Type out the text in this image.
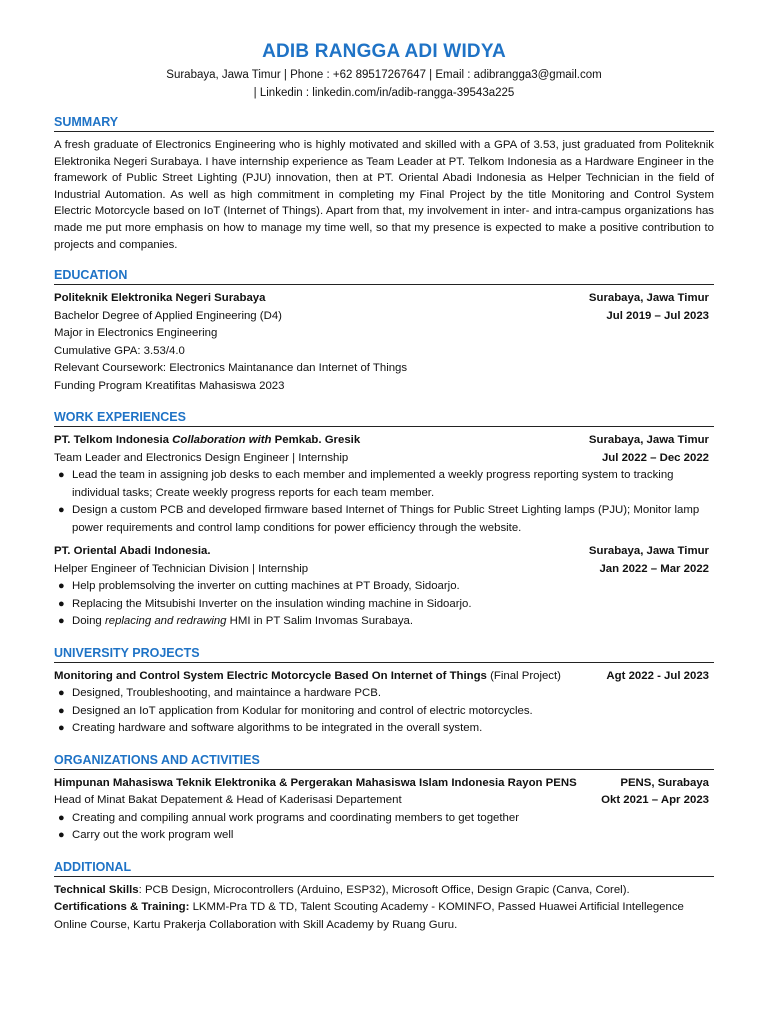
ADIB RANGGA ADI WIDYA
Surabaya, Jawa Timur | Phone : +62 89517267647 | Email : adibrangga3@gmail.com
| Linkedin : linkedin.com/in/adib-rangga-39543a225
SUMMARY

A fresh graduate of Electronics Engineering who is highly motivated and skilled with a GPA of 3.53, just graduated from Politeknik Elektronika Negeri Surabaya. I have internship experience as Team Leader at PT. Telkom Indonesia as a Hardware Engineer in the framework of Public Street Lighting (PJU) innovation, then at PT. Oriental Abadi Indonesia as Helper Technician in the field of Industrial Automation. As well as high commitment in completing my Final Project by the title Monitoring and Control System Electric Motorcycle based on IoT (Internet of Things). Apart from that, my involvement in inter- and intra-campus organizations has made me put more emphasis on how to manage my time well, so that my presence is expected to make a positive contribution to projects and companies.

EDUCATION
Politeknik Elektronika Negeri Surabaya	Surabaya, Jawa Timur
Bachelor Degree of Applied Engineering (D4)	Jul 2019 – Jul 2023
Major in Electronics Engineering
Cumulative GPA: 3.53/4.0
Relevant Coursework: Electronics Maintanance dan Internet of Things
Funding Program Kreatifitas Mahasiswa 2023
WORK EXPERIENCES
PT. Telkom Indonesia Collaboration with Pemkab. Gresik	Surabaya, Jawa Timur
Team Leader and Electronics Design Engineer | Internship	Jul 2022 – Dec 2022
● Lead the team in assigning job desks to each member and implemented a weekly progress reporting system to tracking individual tasks; Create weekly progress reports for each team member.
● Design a custom PCB and developed firmware based Internet of Things for Public Street Lighting lamps (PJU); Monitor lamp power requirements and control lamp conditions for power efficiency through the website.
PT. Oriental Abadi Indonesia.	Surabaya, Jawa Timur
Helper Engineer of Technician Division | Internship	Jan 2022 – Mar 2022
● Help problemsolving the inverter on cutting machines at PT Broady, Sidoarjo.
● Replacing the Mitsubishi Inverter on the insulation winding machine in Sidoarjo.
● Doing replacing and redrawing HMI in PT Salim Invomas Surabaya.
UNIVERSITY PROJECTS
Monitoring and Control System Electric Motorcycle Based On Internet of Things (Final Project)	Agt 2022 - Jul 2023
● Designed, Troubleshooting, and maintaince a hardware PCB.
● Designed an IoT application from Kodular for monitoring and control of electric motorcycles.
● Creating hardware and software algorithms to be integrated in the overall system.
ORGANIZATIONS AND ACTIVITIES
Himpunan Mahasiswa Teknik Elektronika & Pergerakan Mahasiswa Islam Indonesia Rayon PENS	PENS, Surabaya
Head of Minat Bakat Depatement & Head of Kaderisasi Departement	Okt 2021 – Apr 2023
● Creating and compiling annual work programs and coordinating members to get together
● Carry out the work program well
ADDITIONAL

Technical Skills: PCB Design, Microcontrollers (Arduino, ESP32), Microsoft Office, Design Grapic (Canva, Corel).

Certifications & Training: LKMM-Pra TD & TD, Talent Scouting Academy - KOMINFO, Passed Huawei Artificial Intellegence Online Course, Kartu Prakerja Collaboration with Skill Academy by Ruang Guru.
